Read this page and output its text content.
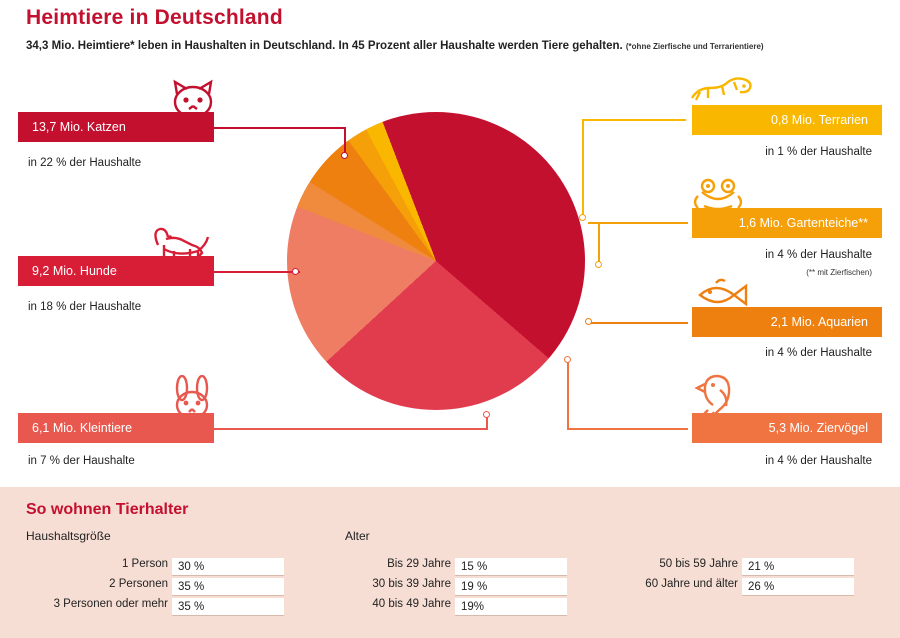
Heimtiere in Deutschland
34,3 Mio. Heimtiere* leben in Haushalten in Deutschland. In 45 Prozent aller Haushalte werden Tiere gehalten. (*ohne Zierfische und Terrarientiere)
13,7 Mio. Katzen
in 22 % der Haushalte
9,2 Mio. Hunde
in 18 % der Haushalte
6,1 Mio. Kleintiere
in 7 % der Haushalte
0,8 Mio. Terrarien
in 1 % der Haushalte
1,6 Mio. Gartenteiche**
in 4 % der Haushalte
(** mit Zierfischen)
2,1 Mio. Aquarien
in 4 % der Haushalte
5,3 Mio. Ziervögel
in 4 % der Haushalte
So wohnen Tierhalter
Haushaltsgröße
1 Person 30 %
2 Personen 35 %
3 Personen oder mehr 35 %
Alter
Bis 29 Jahre 15 %
30 bis 39 Jahre 19 %
40 bis 49 Jahre 19%
50 bis 59 Jahre 21 %
60 Jahre und älter 26 %
